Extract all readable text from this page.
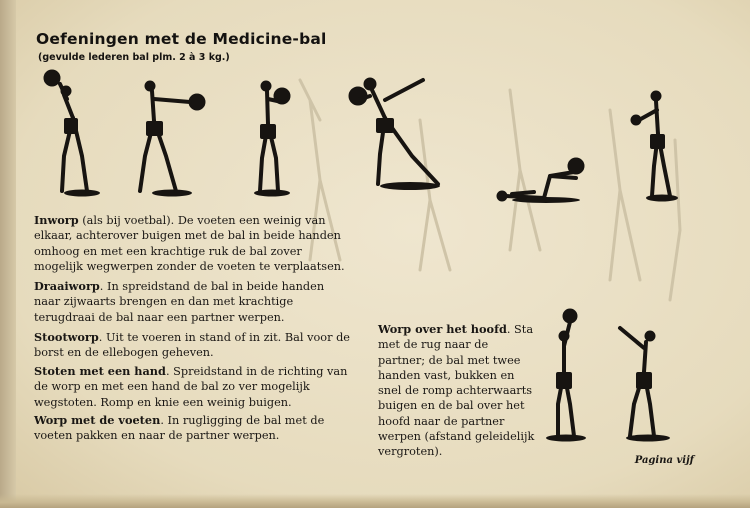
Oefeningen met de Medicine-bal
(gevulde lederen bal plm. 2 à 3 kg.)

Inworp (als bij voetbal). De voeten een weinig van elkaar, achterover buigen met de bal in beide handen omhoog en met een krachtige ruk de bal zover mogelijk wegwerpen zonder de voeten te verplaatsen.

Draaiworp. In spreidstand de bal in beide handen naar zijwaarts brengen en dan met krachtige terugdraai de bal naar een partner werpen.

Stootworp. Uit te voeren in stand of in zit. Bal voor de borst en de ellebogen geheven.

Stoten met een hand. Spreidstand in de richting van de worp en met een hand de bal zo ver mogelijk wegstoten. Romp en knie een weinig buigen.

Worp met de voeten. In rugligging de bal met de voeten pakken en naar de partner werpen.

Worp over het hoofd. Sta met de rug naar de partner; de bal met twee handen vast, bukken en snel de romp achterwaarts buigen en de bal over het hoofd naar de partner werpen (afstand geleidelijk vergroten).

Pagina vijf
